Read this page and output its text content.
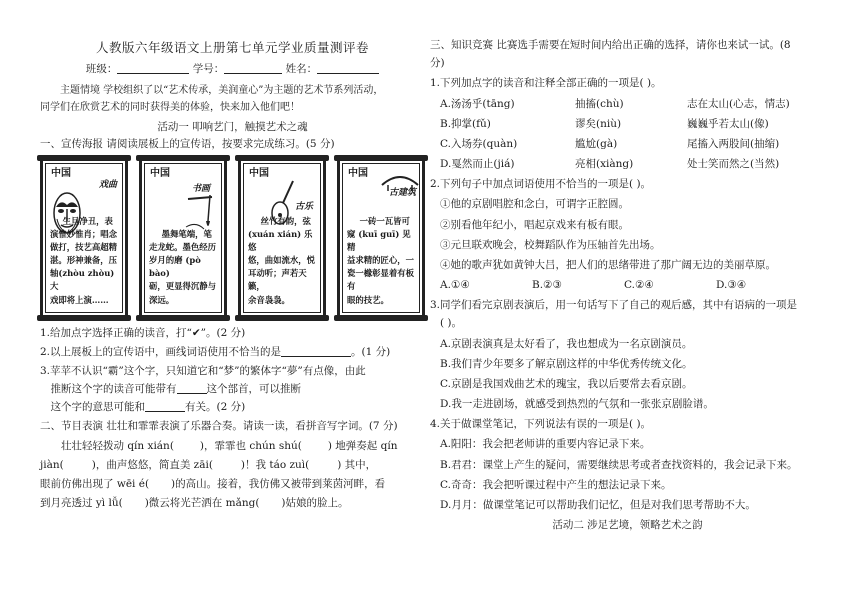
人教版六年级语文上册第七单元学业质量测评卷

班级：	学号：	姓名：

主题情境 学校组织了以“艺术传承，美润童心”为主题的艺术节系列活动，

同学们在欣赏艺术的同时获得美的体验，快来加入他们吧！

活动一 叩响艺门，触摸艺术之魂

一、宣传海报 请阅读展板上的宣传语，按要求完成练习。(5 分)

中国
戏曲
生旦净丑，表
演惟妙惟肖；唱念
做打，技艺高超精
湛。形神兼备，压
轴(zhòu zhòu)大
戏即将上演……
中国
书画
墨舞笔端，笔
走龙蛇。墨色经历
岁月的磨 (pò bào)
砺，更显得沉静与
深远。
中国
古乐
丝竹有韵，弦
(xuán xián) 乐悠
悠，曲如流水，悦
耳动听；声若天籁，
余音袅袅。
中国
古建筑
一砖一瓦皆可
窥 (kuī guī) 见精
益求精的匠心，一
瓷一橼彰显着有板有
眼的技艺。

1.给加点字选择正确的读音，打“✔”。(2 分)

2.以上展板上的宣传语中，画线词语使用不恰当的是	。(1 分)

3.苹苹不认识“霸”这个字，只知道它和“梦”的繁体字“夢”有点像，由此

推断这个字的读音可能带有	这个部首，可以推断

这个字的意思可能和	有关。(2 分)

二、节目表演 壮壮和霏霏表演了乐器合奏。请读一读，看拼音写字词。(7 分)

壮壮轻轻拨动 qín xián( )，霏霏也 chún shú( ) 地弹奏起 qín

jiàn(	)，曲声悠悠，简直美 zāi(	)！我 táo zuì(	) 其中，

眼前仿佛出现了 wēi é( )的高山。接着，我仿佛又被带到莱茵河畔，看

到月亮透过 yì lǚ( )微云将光芒洒在 mǎng( )姑娘的脸上。

三、知识竞赛 比赛选手需要在短时间内给出正确的选择，请你也来试一试。(8

分)

1.下列加点字的读音和注释全部正确的一项是( )。

A.汤汤乎(tāng)	抽搐(chù)	志在太山(心志，情志)
B.抑掌(fǔ)	谬矣(niù)	巍巍乎若太山(像)
C.入场券(quàn)	尴尬(gà)	尾搐入两股间(抽缩)
D.戛然而止(jiá)	亮相(xiàng)	处士笑而然之(当然)

2.下列句子中加点词语使用不恰当的一项是( )。

①他的京剧唱腔和念白，可谓字正腔圆。

②别看他年纪小，唱起京戏来有板有眼。

③元旦联欢晚会，校舞蹈队作为压轴首先出场。

④她的歌声犹如黄钟大吕，把人们的思绪带进了那广阔无边的美丽草原。

A.①④	B.②③	C.②④	D.③④

3.同学们看完京剧表演后，用一句话写下了自己的观后感，其中有语病的一项是

( )。

A.京剧表演真是太好看了，我也想成为一名京剧演员。

B.我们青少年要多了解京剧这样的中华优秀传统文化。

C.京剧是我国戏曲艺术的瑰宝，我以后要常去看京剧。

D.我一走进剧场，就感受到热烈的气氛和一张张京剧脸谱。

4.关于做课堂笔记，下列说法有误的一项是( )。

A.阳阳：我会把老师讲的重要内容记录下来。

B.君君：课堂上产生的疑问，需要继续思考或者查找资料的，我会记录下来。

C.奇奇：我会把听课过程中产生的想法记录下来。

D.月月：做课堂笔记可以帮助我们记忆，但是对我们思考帮助不大。

活动二 涉足艺境，领略艺术之韵
